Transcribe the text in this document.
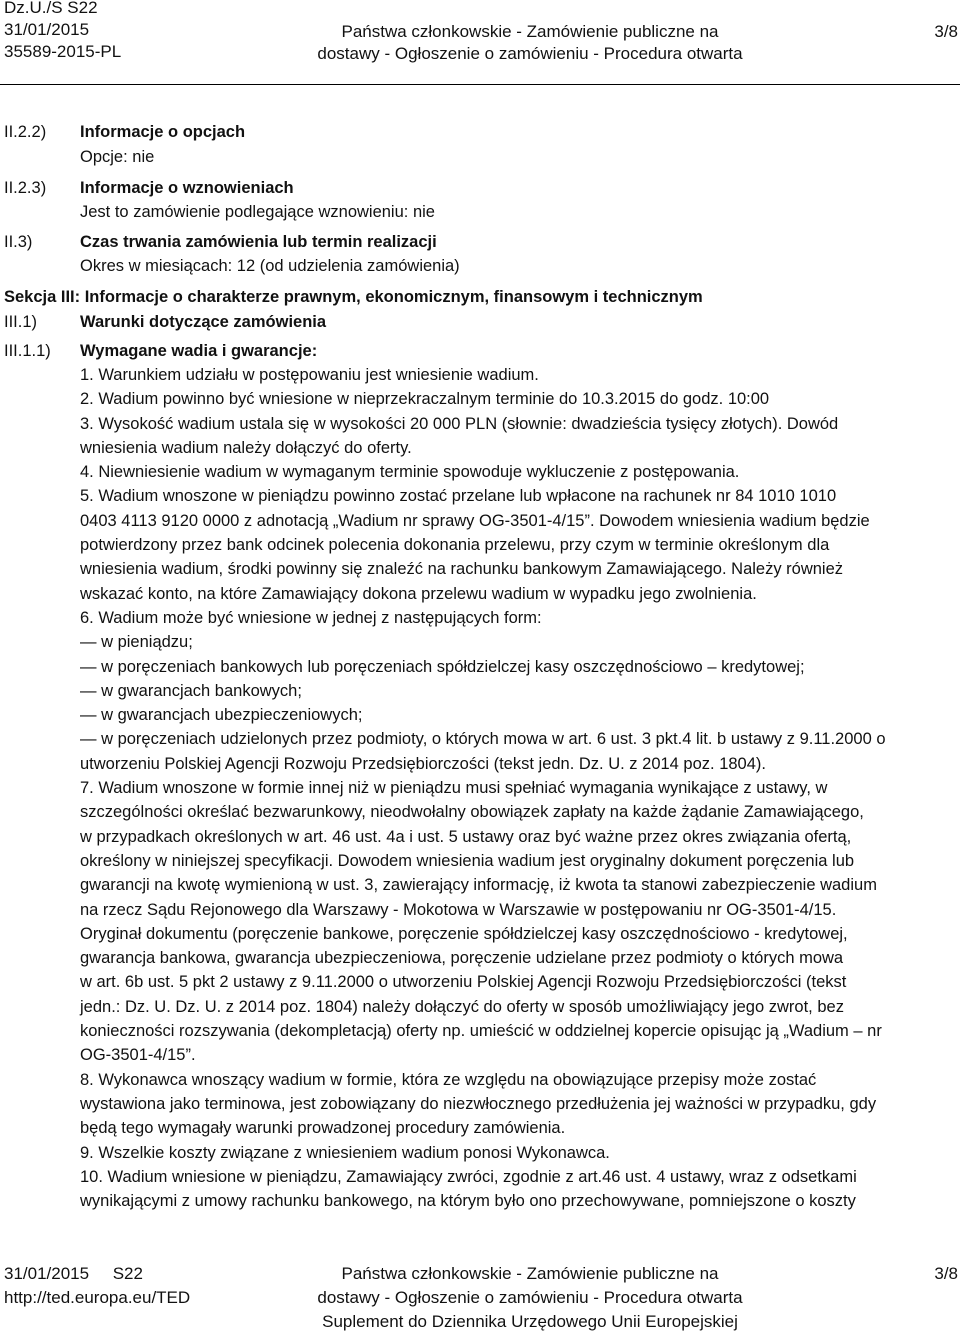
Dz.U./S S22
31/01/2015
35589-2015-PL
Państwa członkowskie - Zamówienie publiczne na
dostawy - Ogłoszenie o zamówieniu - Procedura otwarta
3/8
II.2.2) Informacje o opcjach
Opcje: nie
II.2.3) Informacje o wznowieniach
Jest to zamówienie podlegające wznowieniu: nie
II.3)	Czas trwania zamówienia lub termin realizacji
Okres w miesiącach: 12 (od udzielenia zamówienia)
Sekcja III: Informacje o charakterze prawnym, ekonomicznym, finansowym i technicznym
III.1)	Warunki dotyczące zamówienia
III.1.1) Wymagane wadia i gwarancje:

1. Warunkiem udziału w postępowaniu jest wniesienie wadium.

2. Wadium powinno być wniesione w nieprzekraczalnym terminie do 10.3.2015 do godz. 10:00

3. Wysokość wadium ustala się w wysokości 20 000 PLN (słownie: dwadzieścia tysięcy złotych). Dowód

wniesienia wadium należy dołączyć do oferty.

4. Niewniesienie wadium w wymaganym terminie spowoduje wykluczenie z postępowania.

5. Wadium wnoszone w pieniądzu powinno zostać przelane lub wpłacone na rachunek nr 84 1010 1010

0403 4113 9120 0000 z adnotacją „Wadium nr sprawy OG-3501-4/15”. Dowodem wniesienia wadium będzie

potwierdzony przez bank odcinek polecenia dokonania przelewu, przy czym w terminie określonym dla

wniesienia wadium, środki powinny się znaleźć na rachunku bankowym Zamawiającego. Należy również

wskazać konto, na które Zamawiający dokona przelewu wadium w wypadku jego zwolnienia.

6. Wadium może być wniesione w jednej z następujących form:

— w pieniądzu;

— w poręczeniach bankowych lub poręczeniach spółdzielczej kasy oszczędnościowo – kredytowej;

— w gwarancjach bankowych;

— w gwarancjach ubezpieczeniowych;

— w poręczeniach udzielonych przez podmioty, o których mowa w art. 6 ust. 3 pkt.4 lit. b ustawy z 9.11.2000 o

utworzeniu Polskiej Agencji Rozwoju Przedsiębiorczości (tekst jedn. Dz. U. z 2014 poz. 1804).

7. Wadium wnoszone w formie innej niż w pieniądzu musi spełniać wymagania wynikające z ustawy, w

szczególności określać bezwarunkowy, nieodwołalny obowiązek zapłaty na każde żądanie Zamawiającego,

w przypadkach określonych w art. 46 ust. 4a i ust. 5 ustawy oraz być ważne przez okres związania ofertą,

określony w niniejszej specyfikacji. Dowodem wniesienia wadium jest oryginalny dokument poręczenia lub

gwarancji na kwotę wymienioną w ust. 3, zawierający informację, iż kwota ta stanowi zabezpieczenie wadium

na rzecz Sądu Rejonowego dla Warszawy - Mokotowa w Warszawie w postępowaniu nr OG-3501-4/15.

Oryginał dokumentu (poręczenie bankowe, poręczenie spółdzielczej kasy oszczędnościowo - kredytowej,

gwarancja bankowa, gwarancja ubezpieczeniowa, poręczenie udzielane przez podmioty o których mowa

w art. 6b ust. 5 pkt 2 ustawy z 9.11.2000 o utworzeniu Polskiej Agencji Rozwoju Przedsiębiorczości (tekst

jedn.: Dz. U. Dz. U. z 2014 poz. 1804) należy dołączyć do oferty w sposób umożliwiający jego zwrot, bez

konieczności rozszywania (dekompletacją) oferty np. umieścić w oddzielnej kopercie opisując ją „Wadium – nr

OG-3501-4/15”.

8. Wykonawca wnoszący wadium w formie, która ze względu na obowiązujące przepisy może zostać

wystawiona jako terminowa, jest zobowiązany do niezwłocznego przedłużenia jej ważności w przypadku, gdy

będą tego wymagały warunki prowadzonej procedury zamówienia.

9. Wszelkie koszty związane z wniesieniem wadium ponosi Wykonawca.

10. Wadium wniesione w pieniądzu, Zamawiający zwróci, zgodnie z art.46 ust. 4 ustawy, wraz z odsetkami

wynikającymi z umowy rachunku bankowego, na którym było ono przechowywane, pomniejszone o koszty

31/01/2015 S22
http://ted.europa.eu/TED
Państwa członkowskie - Zamówienie publiczne na
dostawy - Ogłoszenie o zamówieniu - Procedura otwarta
Suplement do Dziennika Urzędowego Unii Europejskiej
3/8
